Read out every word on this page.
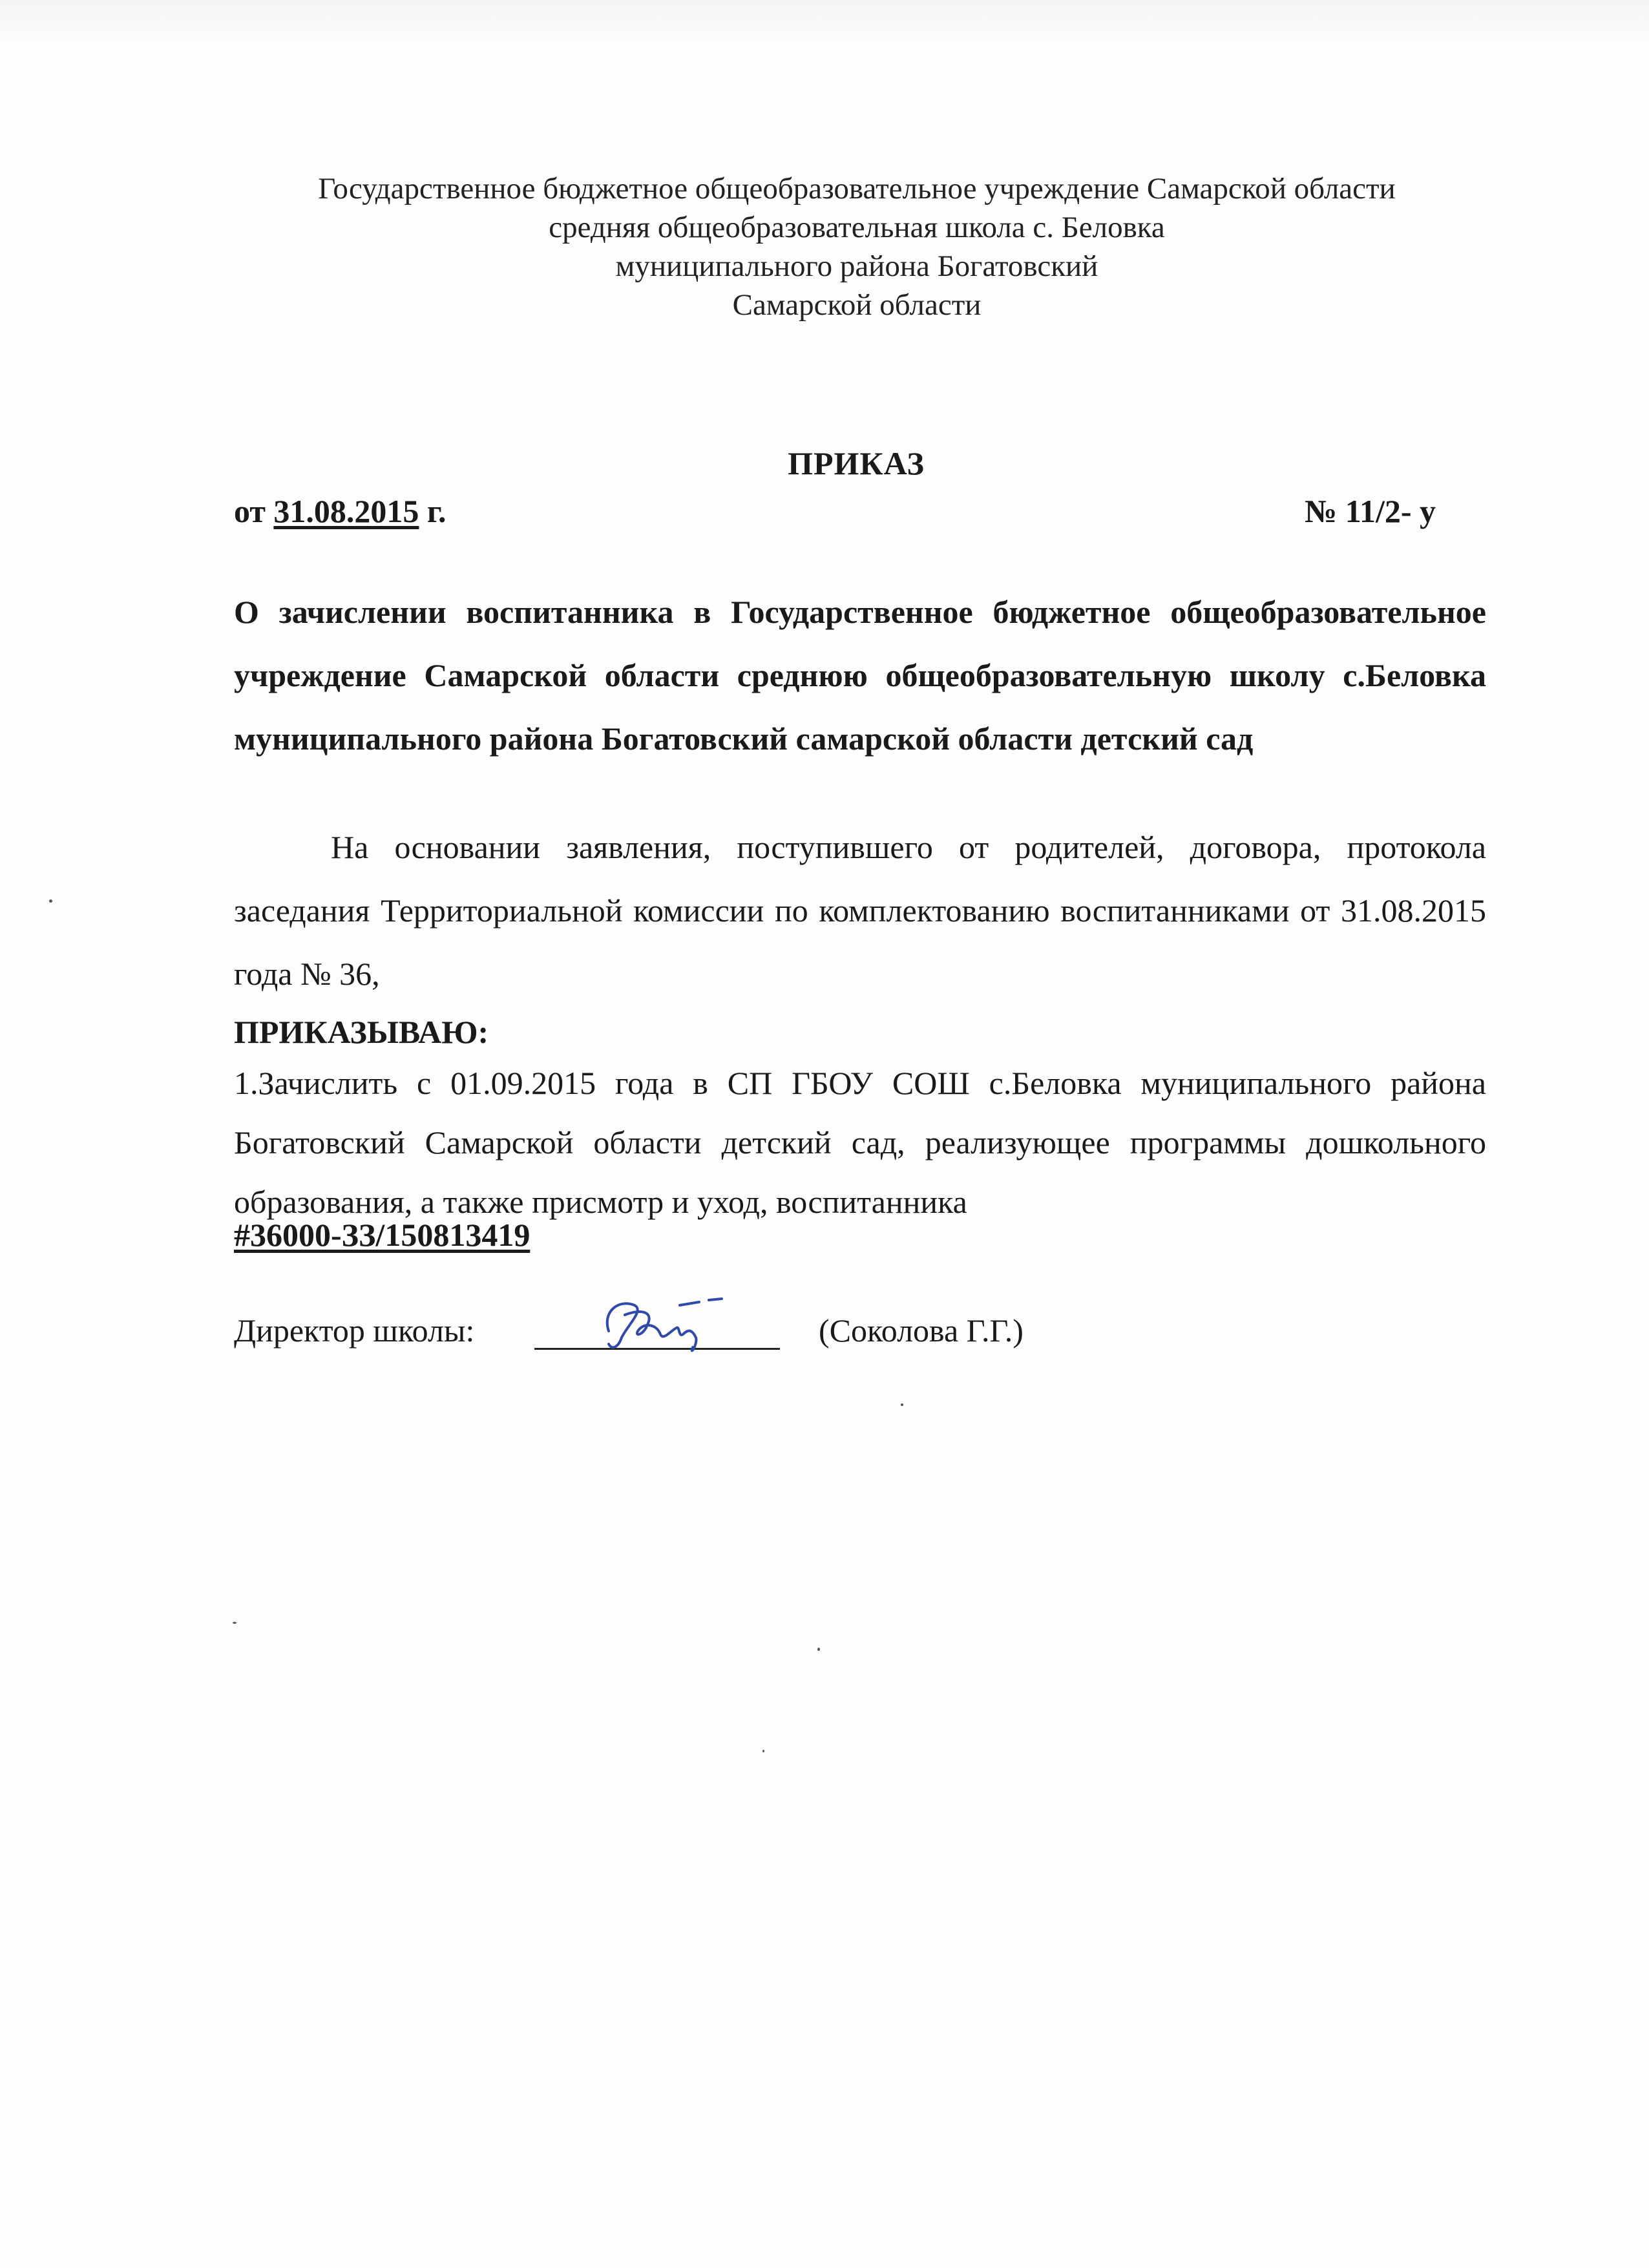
Государственное бюджетное общеобразовательное учреждение Самарской области
средняя общеобразовательная школа с. Беловка
муниципального района Богатовский
Самарской области
ПРИКАЗ
от 31.08.2015 г.	№ 11/2- у
О зачислении воспитанника в Государственное бюджетное общеобразовательное учреждение Самарской области среднюю общеобразовательную школу с.Беловка муниципального района Богатовский самарской области детский сад
На основании заявления, поступившего от родителей, договора, протокола заседания Территориальной комиссии по комплектованию воспитанниками от 31.08.2015 года № 36,
ПРИКАЗЫВАЮ:
1.Зачислить с 01.09.2015 года в СП ГБОУ СОШ с.Беловка муниципального района Богатовский Самарской области детский сад, реализующее программы дошкольного образования, а также присмотр и уход, воспитанника
#36000-ЗЗ/150813419
Директор школы:	(Соколова Г.Г.)
